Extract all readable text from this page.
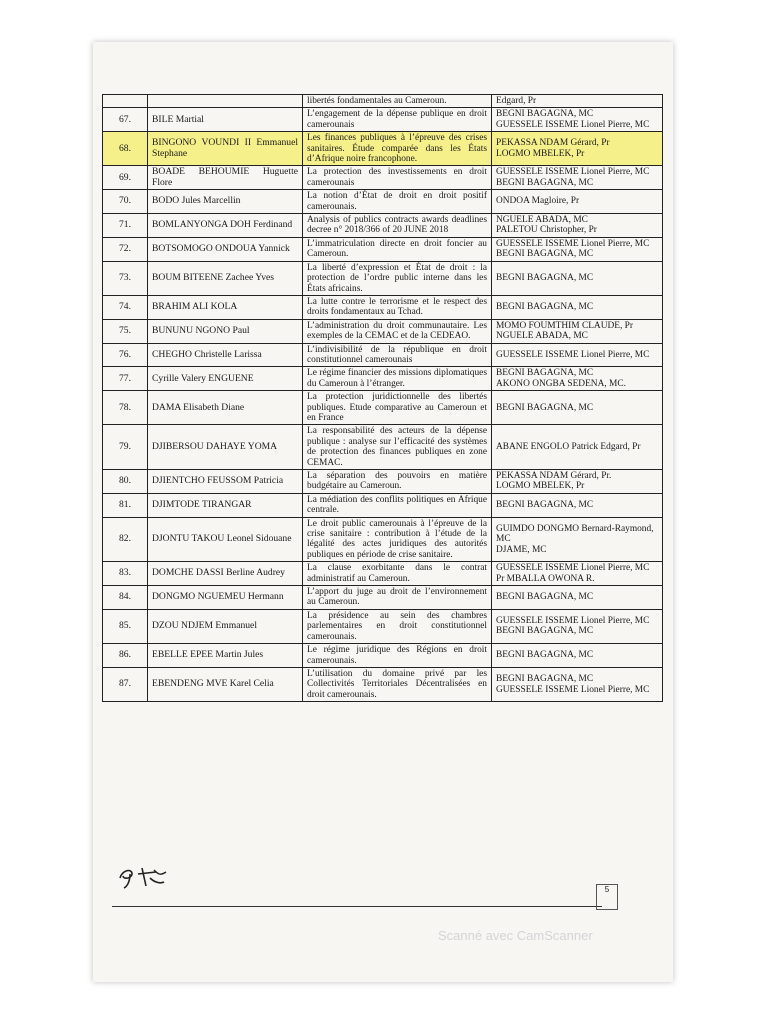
		libertés fondamentales au Cameroun.	Edgard, Pr

67.	BILE Martial	L’engagement de la dépense publique en droit camerounais	BEGNI BAGAGNA, MC
GUESSELE ISSEME Lionel Pierre, MC

68.	BINGONO VOUNDI II Emmanuel Stephane	Les finances publiques à l’épreuve des crises sanitaires. Étude comparée dans les États d’Afrique noire francophone.	PEKASSA NDAM Gérard, Pr
LOGMO MBELEK, Pr

69.	BOADE BEHOUMIE Huguette Flore	La protection des investissements en droit camerounais	GUESSELE ISSEME Lionel Pierre, MC
BEGNI BAGAGNA, MC

70.	BODO Jules Marcellin	La notion d’État de droit en droit positif camerounais.	ONDOA Magloire, Pr

71.	BOMLANYONGA DOH Ferdinand	Analysis of publics contracts awards deadlines decree n° 2018/366 of 20 JUNE 2018	NGUELE ABADA, MC
PALETOU Christopher, Pr

72.	BOTSOMOGO ONDOUA Yannick	L’immatriculation directe en droit foncier au Cameroun.	GUESSELE ISSEME Lionel Pierre, MC
BEGNI BAGAGNA, MC

73.	BOUM BITEENE Zachee Yves	La liberté d’expression et État de droit : la protection de l’ordre public interne dans les États africains.	BEGNI BAGAGNA, MC

74.	BRAHIM ALI KOLA	La lutte contre le terrorisme et le respect des droits fondamentaux au Tchad.	BEGNI BAGAGNA, MC

75.	BUNUNU NGONO Paul	L’administration du droit communautaire. Les exemples de la CEMAC et de la CEDEAO.	MOMO FOUMTHIM CLAUDE, Pr
NGUELE ABADA, MC

76.	CHEGHO Christelle Larissa	L’indivisibilité de la république en droit constitutionnel camerounais	GUESSELE ISSEME Lionel Pierre, MC

77.	Cyrille Valery ENGUENE	Le régime financier des missions diplomatiques du Cameroun à l’étranger.	BEGNI BAGAGNA, MC
AKONO ONGBA SEDENA, MC.

78.	DAMA Elisabeth Diane	La protection juridictionnelle des libertés publiques. Etude comparative au Cameroun et en France	BEGNI BAGAGNA, MC

79.	DJIBERSOU DAHAYE YOMA	La responsabilité des acteurs de la dépense publique : analyse sur l’efficacité des systèmes de protection des finances publiques en zone CEMAC.	ABANE ENGOLO Patrick Edgard, Pr

80.	DJIENTCHO FEUSSOM Patricia	La séparation des pouvoirs en matière budgétaire au Cameroun.	PEKASSA NDAM Gérard, Pr.
LOGMO MBELEK, Pr

81.	DJIMTODE TIRANGAR	La médiation des conflits politiques en Afrique centrale.	BEGNI BAGAGNA, MC

82.	DJONTU TAKOU Leonel Sidouane	Le droit public camerounais à l’épreuve de la crise sanitaire : contribution à l’étude de la légalité des actes juridiques des autorités publiques en période de crise sanitaire.	GUIMDO DONGMO Bernard-Raymond, MC
DJAME, MC

83.	DOMCHE DASSI Berline Audrey	La clause exorbitante dans le contrat administratif au Cameroun.	GUESSELE ISSEME Lionel Pierre, MC
Pr MBALLA OWONA R.

84.	DONGMO NGUEMEU Hermann	L’apport du juge au droit de l’environnement au Cameroun.	BEGNI BAGAGNA, MC

85.	DZOU NDJEM Emmanuel	La présidence au sein des chambres parlementaires en droit constitutionnel camerounais.	GUESSELE ISSEME Lionel Pierre, MC
BEGNI BAGAGNA, MC

86.	EBELLE EPEE Martin Jules	Le régime juridique des Régions en droit camerounais.	BEGNI BAGAGNA, MC

87.	EBENDENG MVE Karel Celia	L’utilisation du domaine privé par les Collectivités Territoriales Décentralisées en droit camerounais.	BEGNI BAGAGNA, MC
GUESSELE ISSEME Lionel Pierre, MC
5
Scanné avec CamScanner
